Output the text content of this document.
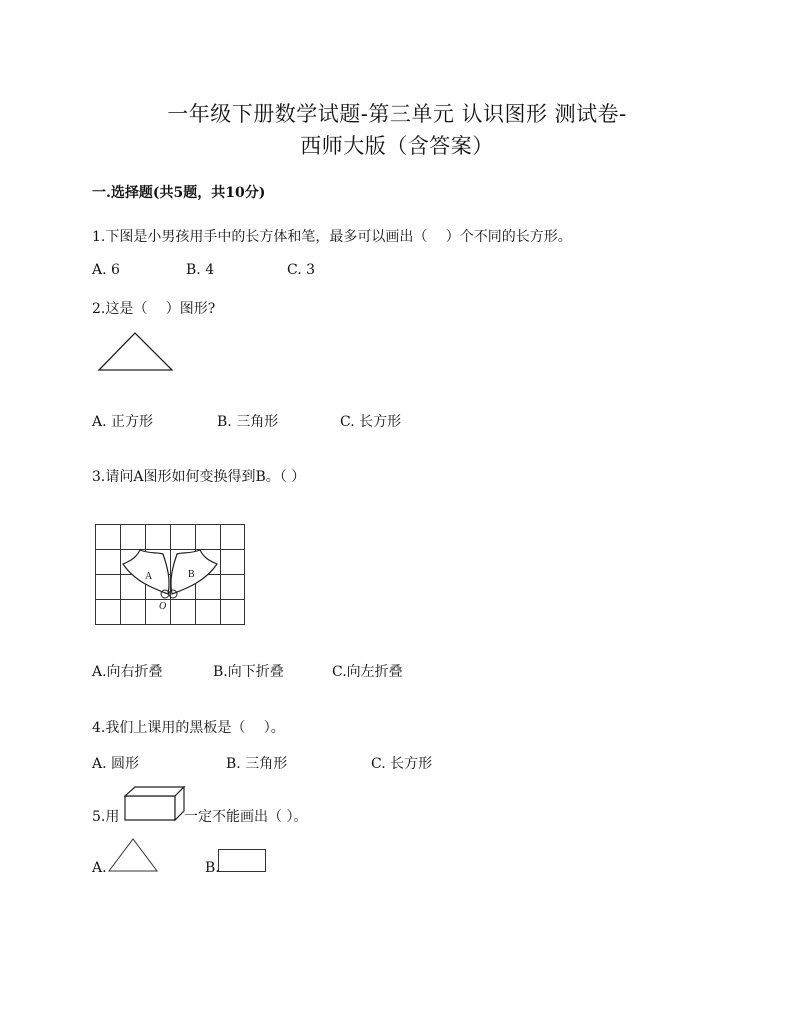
一年级下册数学试题-第三单元 认识图形 测试卷-
西师大版（含答案）
一.选择题(共5题，共10分)
1.下图是小男孩用手中的长方体和笔，最多可以画出（　 ）个不同的长方形。
A. 6	B. 4	C. 3
2.这是（　 ）图形?
A. 正方形	B. 三角形	C. 长方形
3.请问A图形如何变换得到B。（ ）
A	B
O
A.向右折叠	B.向下折叠	C.向左折叠
4.我们上课用的黑板是（　 ）。
A. 圆形	B. 三角形	C. 长方形
5.用	一定不能画出（ ）。
A.	B.
